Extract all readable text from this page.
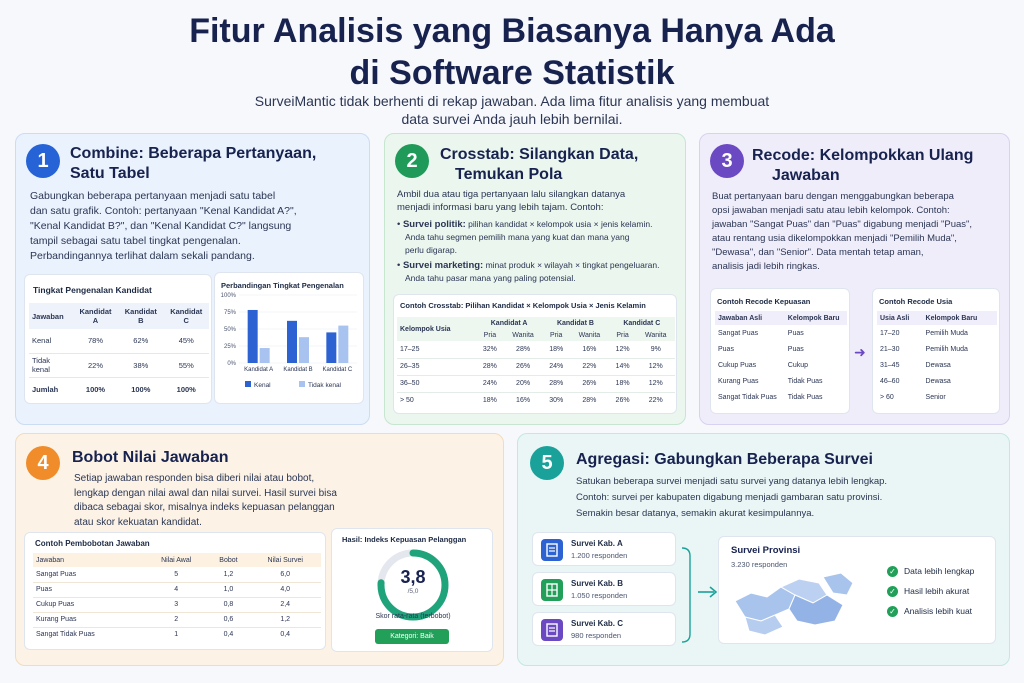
Fitur Analisis yang Biasanya Hanya Ada
di Software Statistik
SurveiMantic tidak berhenti di rekap jawaban. Ada lima fitur analisis yang membuat
data survei Anda jauh lebih bernilai.
1	Combine: Beberapa Pertanyaan,
Satu Tabel
Gabungkan beberapa pertanyaan menjadi satu tabel
dan satu grafik. Contoh: pertanyaan "Kenal Kandidat A?",
"Kenal Kandidat B?", dan "Kenal Kandidat C?" langsung
tampil sebagai satu tabel tingkat pengenalan.
Perbandingannya terlihat dalam sekali pandang.
Tingkat Pengenalan Kandidat
Jawaban	Kandidat A	Kandidat B	Kandidat C
Kenal	78%	62%	45%
Tidak kenal	22%	38%	55%
Jumlah	100%	100%	100%
Perbandingan Tingkat Pengenalan
100%
75%
50%
25%
0%
Kandidat A Kandidat B Kandidat C
Kenal	Tidak kenal
2	Crosstab: Silangkan Data,
Temukan Pola
Ambil dua atau tiga pertanyaan lalu silangkan datanya
menjadi informasi baru yang lebih tajam. Contoh:
• Survei politik: pilihan kandidat × kelompok usia × jenis kelamin.
Anda tahu segmen pemilih mana yang kuat dan mana yang
perlu digarap.
• Survei marketing: minat produk × wilayah × tingkat pengeluaran.
Anda tahu pasar mana yang paling potensial.
Contoh Crosstab: Pilihan Kandidat × Kelompok Usia × Jenis Kelamin
Kelompok Usia	Kandidat A		Kandidat B		Kandidat C	
	Pria	Wanita	Pria	Wanita	Pria	Wanita
17–25	32%	28%	18%	16%	12%	9%
26–35	28%	26%	24%	22%	14%	12%
36–50	24%	20%	28%	26%	18%	12%
> 50	18%	16%	30%	28%	26%	22%
3	Recode: Kelompokkan Ulang
Jawaban
Buat pertanyaan baru dengan menggabungkan beberapa
opsi jawaban menjadi satu atau lebih kelompok. Contoh:
jawaban "Sangat Puas" dan "Puas" digabung menjadi "Puas",
atau rentang usia dikelompokkan menjadi "Pemilih Muda",
"Dewasa", dan "Senior". Data mentah tetap aman,
analisis jadi lebih ringkas.
Contoh Recode Kepuasan
Jawaban Asli	Kelompok Baru
Sangat Puas	Puas
Puas	Puas
Cukup Puas	Cukup
Kurang Puas	Tidak Puas
Sangat Tidak Puas	Tidak Puas
➜
Contoh Recode Usia
Usia Asli	Kelompok Baru
17–20	Pemilih Muda
21–30	Pemilih Muda
31–45	Dewasa
46–60	Dewasa
> 60	Senior
4	Bobot Nilai Jawaban
Setiap jawaban responden bisa diberi nilai atau bobot,
lengkap dengan nilai awal dan nilai survei. Hasil survei bisa
dibaca sebagai skor, misalnya indeks kepuasan pelanggan
atau skor kekuatan kandidat.
Contoh Pembobotan Jawaban
Jawaban	Nilai Awal	Bobot	Nilai Survei
Sangat Puas	5	1,2	6,0
Puas	4	1,0	4,0
Cukup Puas	3	0,8	2,4
Kurang Puas	2	0,6	1,2
Sangat Tidak Puas	1	0,4	0,4
Hasil: Indeks Kepuasan Pelanggan
3,8
/5,0
Skor rata-rata (terbobot)
Kategori: Baik
5	Agregasi: Gabungkan Beberapa Survei
Satukan beberapa survei menjadi satu survei yang datanya lebih lengkap.
Contoh: survei per kabupaten digabung menjadi gambaran satu provinsi.
Semakin besar datanya, semakin akurat kesimpulannya.
Survei Kab. A
1.200 responden
Survei Kab. B
1.050 responden
Survei Kab. C
980 responden
Survei Provinsi
3.230 responden
✓ Data lebih lengkap
✓ Hasil lebih akurat
✓ Analisis lebih kuat
